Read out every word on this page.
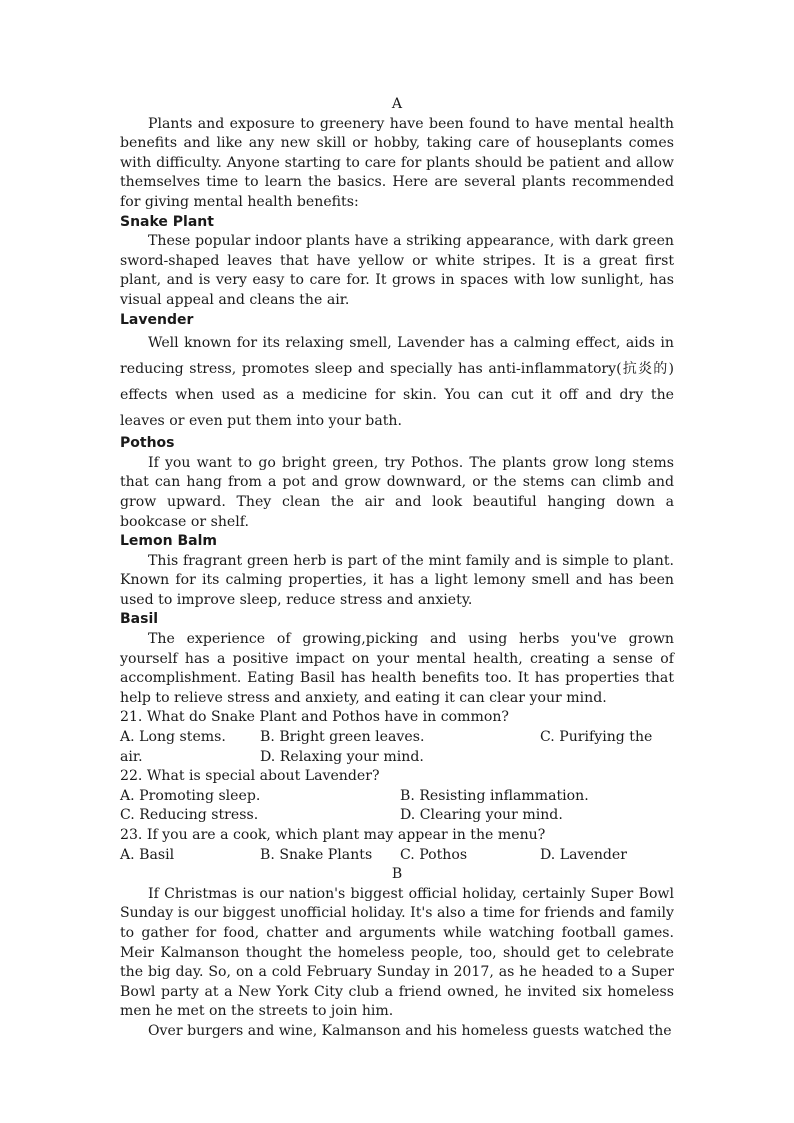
A

Plants and exposure to greenery have been found to have mental health benefits and like any new skill or hobby, taking care of houseplants comes with difficulty. Anyone starting to care for plants should be patient and allow themselves time to learn the basics. Here are several plants recommended for giving mental health benefits:

Snake Plant

These popular indoor plants have a striking appearance, with dark green sword-shaped leaves that have yellow or white stripes. It is a great first plant, and is very easy to care for. It grows in spaces with low sunlight, has visual appeal and cleans the air.

Lavender

Well known for its relaxing smell, Lavender has a calming effect, aids in reducing stress, promotes sleep and specially has anti-inflammatory(抗炎的) effects when used as a medicine for skin. You can cut it off and dry the leaves or even put them into your bath.

Pothos

If you want to go bright green, try Pothos. The plants grow long stems that can hang from a pot and grow downward, or the stems can climb and grow upward. They clean the air and look beautiful hanging down a bookcase or shelf.

Lemon Balm

This fragrant green herb is part of the mint family and is simple to plant. Known for its calming properties, it has a light lemony smell and has been used to improve sleep, reduce stress and anxiety.

Basil

The experience of growing,picking and using herbs you've grown yourself has a positive impact on your mental health, creating a sense of accomplishment. Eating Basil has health benefits too. It has properties that help to relieve stress and anxiety, and eating it can clear your mind.

21. What do Snake Plant and Pothos have in common?

A. Long stems. B. Bright green leaves.	C. Purifying the
air.	D. Relaxing your mind.

22. What is special about Lavender?

A. Promoting sleep.	B. Resisting inflammation.
C. Reducing stress.	D. Clearing your mind.

23. If you are a cook, which plant may appear in the menu?

A. Basil	B. Snake Plants C. Pothos	D. Lavender

B

If Christmas is our nation's biggest official holiday, certainly Super Bowl Sunday is our biggest unofficial holiday. It's also a time for friends and family to gather for food, chatter and arguments while watching football games. Meir Kalmanson thought the homeless people, too, should get to celebrate the big day. So, on a cold February Sunday in 2017, as he headed to a Super Bowl party at a New York City club a friend owned, he invited six homeless men he met on the streets to join him.

Over burgers and wine, Kalmanson and his homeless guests watched the
